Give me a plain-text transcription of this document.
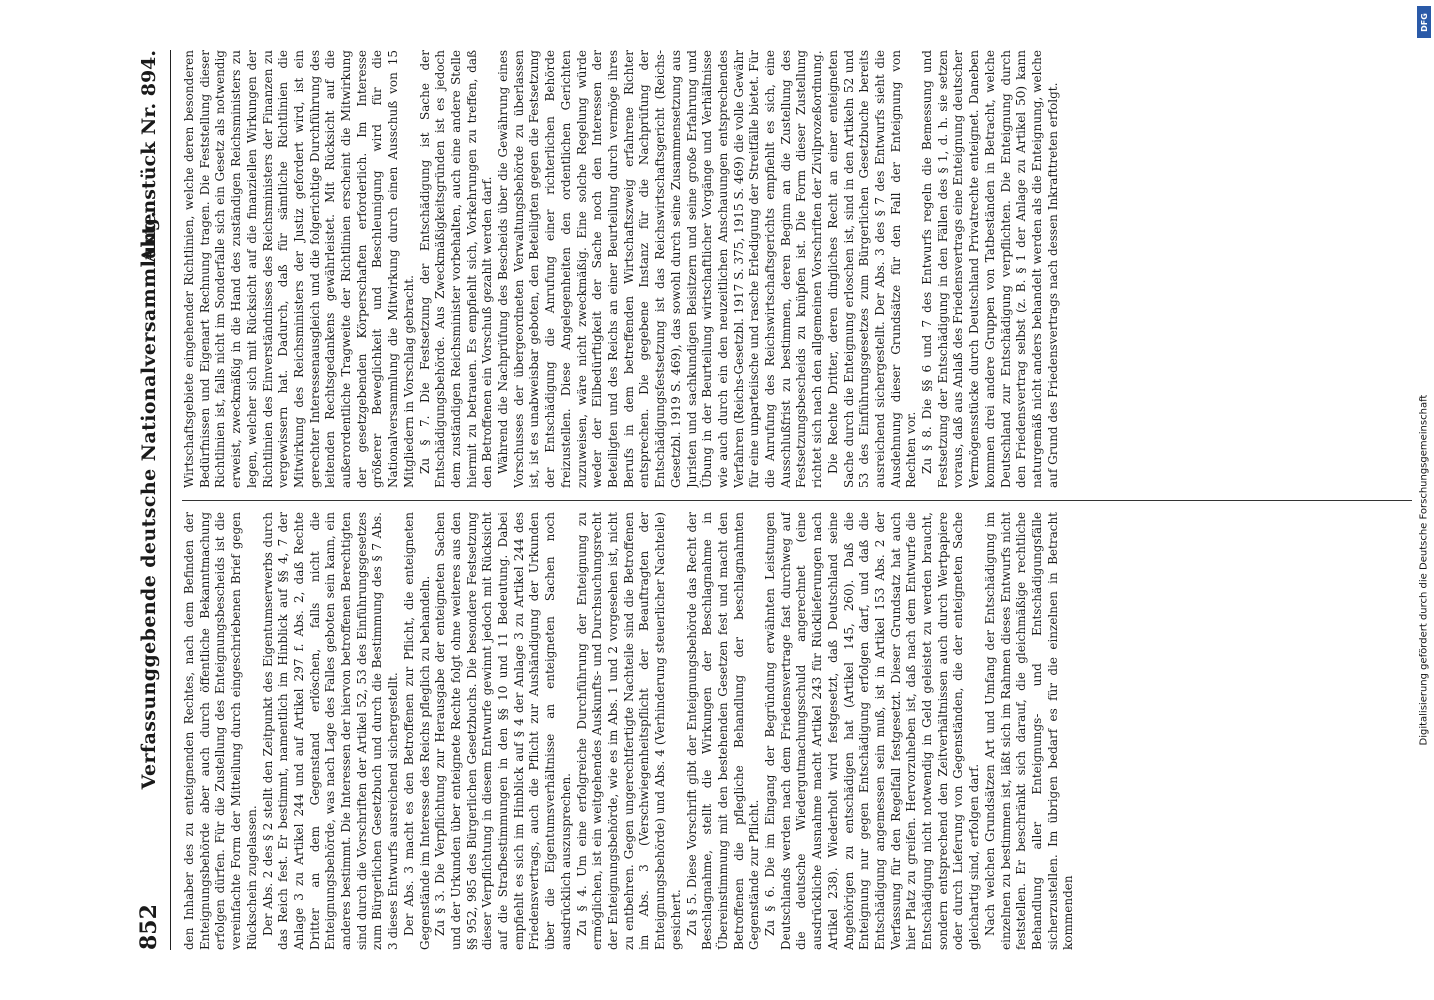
852
Verfassunggebende deutsche Nationalversammlung.
Aktenstück Nr. 894.

den Inhaber des zu enteignenden Rechtes, nach dem Befinden der Enteignungsbehörde aber auch durch öffentliche Bekanntmachung erfolgen dürfen. Für die Zustellung des Enteignungsbescheids ist die vereinfachte Form der Mitteilung durch eingeschriebenen Brief gegen Rückschein zugelassen. Der Abs. 2 des § 2 stellt den Zeitpunkt des Eigentumserwerbs durch das Reich fest. Er bestimmt, namentlich im Hinblick auf §§ 4, 7 der Anlage 3 zu Artikel 244 und auf Artikel 297 f. Abs. 2, daß Rechte Dritter an dem Gegenstand erlöschen, falls nicht die Enteignungsbehörde, was nach Lage des Falles geboten sein kann, ein anderes bestimmt. Die Interessen der hiervon betroffenen Berechtigten sind durch die Vorschriften der Artikel 52, 53 des Einführungsgesetzes zum Bürgerlichen Gesetzbuch und durch die Bestimmung des § 7 Abs. 3 dieses Entwurfs ausreichend sichergestellt. Der Abs. 3 macht es den Betroffenen zur Pflicht, die enteigneten Gegenstände im Interesse des Reichs pfleglich zu behandeln. Zu § 3. Die Verpflichtung zur Herausgabe der enteigneten Sachen und der Urkunden über enteignete Rechte folgt ohne weiteres aus den §§ 952, 985 des Bürgerlichen Gesetzbuchs. Die besondere Festsetzung dieser Verpflichtung in diesem Entwurfe gewinnt jedoch mit Rücksicht auf die Strafbestimmungen in den §§ 10 und 11 Bedeutung. Dabei empfiehlt es sich im Hinblick auf § 4 der Anlage 3 zu Artikel 244 des Friedensvertrags, auch die Pflicht zur Aushändigung der Urkunden über die Eigentumsverhältnisse an enteigneten Sachen noch ausdrücklich auszusprechen. Zu § 4. Um eine erfolgreiche Durchführung der Enteignung zu ermöglichen, ist ein weitgehendes Auskunfts- und Durchsuchungsrecht der Enteignungsbehörde, wie es im Abs. 1 und 2 vorgesehen ist, nicht zu entbehren. Gegen ungerechtfertigte Nachteile sind die Betroffenen im Abs. 3 (Verschwiegenheitspflicht der Beauftragten der Enteignungsbehörde) und Abs. 4 (Verhinderung steuerlicher Nachteile) gesichert. Zu § 5. Diese Vorschrift gibt der Enteignungsbehörde das Recht der Beschlagnahme, stellt die Wirkungen der Beschlagnahme in Übereinstimmung mit den bestehenden Gesetzen fest und macht den Betroffenen die pflegliche Behandlung der beschlagnahmten Gegenstände zur Pflicht. Zu § 6. Die im Eingang der Begründung erwähnten Leistungen Deutschlands werden nach dem Friedensvertrage fast durchweg auf die deutsche Wiedergutmachungsschuld angerechnet (eine ausdrückliche Ausnahme macht Artikel 243 für Rücklieferungen nach Artikel 238). Wiederholt wird festgesetzt, daß Deutschland seine Angehörigen zu entschädigen hat (Artikel 145, 260). Daß die Enteignung nur gegen Entschädigung erfolgen darf, und daß die Entschädigung angemessen sein muß, ist in Artikel 153 Abs. 2 der Verfassung für den Regelfall festgesetzt. Dieser Grundsatz hat auch hier Platz zu greifen. Hervorzuheben ist, daß nach dem Entwurfe die Entschädigung nicht notwendig in Geld geleistet zu werden braucht, sondern entsprechend den Zeitverhältnissen auch durch Wertpapiere oder durch Lieferung von Gegenständen, die der enteigneten Sache gleichartig sind, erfolgen darf. Nach welchen Grundsätzen Art und Umfang der Entschädigung im einzelnen zu bestimmen ist, läßt sich im Rahmen dieses Entwurfs nicht feststellen. Er beschränkt sich darauf, die gleichmäßige rechtliche Behandlung aller Enteignungs- und Entschädigungsfälle sicherzustellen. Im übrigen bedarf es für die einzelnen in Betracht kommenden

Wirtschaftsgebiete eingehender Richtlinien, welche deren besonderen Bedürfnissen und Eigenart Rechnung tragen. Die Feststellung dieser Richtlinien ist, falls nicht im Sonderfalle sich ein Gesetz als notwendig erweist, zweckmäßig in die Hand des zuständigen Reichsministers zu legen, welcher sich mit Rücksicht auf die finanziellen Wirkungen der Richtlinien des Einverständnisses des Reichsministers der Finanzen zu vergewissern hat. Dadurch, daß für sämtliche Richtlinien die Mitwirkung des Reichsministers der Justiz gefordert wird, ist ein gerechter Interessenausgleich und die folgerichtige Durchführung des leitenden Rechtsgedankens gewährleistet. Mit Rücksicht auf die außerordentliche Tragweite der Richtlinien erscheint die Mitwirkung der gesetzgebenden Körperschaften erforderlich. Im Interesse größerer Beweglichkeit und Beschleunigung wird für die Nationalversammlung die Mitwirkung durch einen Ausschuß von 15 Mitgliedern in Vorschlag gebracht. Zu § 7. Die Festsetzung der Entschädigung ist Sache der Entschädigungsbehörde. Aus Zweckmäßigkeitsgründen ist es jedoch dem zuständigen Reichsminister vorbehalten, auch eine andere Stelle hiermit zu betrauen. Es empfiehlt sich, Vorkehrungen zu treffen, daß den Betroffenen ein Vorschuß gezahlt werden darf. Während die Nachprüfung des Bescheids über die Gewährung eines Vorschusses der übergeordneten Verwaltungsbehörde zu überlassen ist, ist es unabweisbar geboten, den Beteiligten gegen die Festsetzung der Entschädigung die Anrufung einer richterlichen Behörde freizustellen. Diese Angelegenheiten den ordentlichen Gerichten zuzuweisen, wäre nicht zweckmäßig. Eine solche Regelung würde weder der Eilbedürftigkeit der Sache noch den Interessen der Beteiligten und des Reichs an einer Beurteilung durch vermöge ihres Berufs in dem betreffenden Wirtschaftszweig erfahrene Richter entsprechen. Die gegebene Instanz für die Nachprüfung der Entschädigungsfestsetzung ist das Reichswirtschaftsgericht (Reichs-Gesetzbl. 1919 S. 469), das sowohl durch seine Zusammensetzung aus Juristen und sachkundigen Beisitzern und seine große Erfahrung und Übung in der Beurteilung wirtschaftlicher Vorgänge und Verhältnisse wie auch durch ein den neuzeitlichen Anschauungen entsprechendes Verfahren (Reichs-Gesetzbl. 1917 S. 375, 1915 S. 469) die volle Gewähr für eine unparteiische und rasche Erledigung der Streitfälle bietet. Für die Anrufung des Reichswirtschaftsgerichts empfiehlt es sich, eine Ausschlußfrist zu bestimmen, deren Beginn an die Zustellung des Festsetzungsbescheids zu knüpfen ist. Die Form dieser Zustellung richtet sich nach den allgemeinen Vorschriften der Zivilprozeßordnung. Die Rechte Dritter, deren dingliches Recht an einer enteigneten Sache durch die Enteignung erloschen ist, sind in den Artikeln 52 und 53 des Einführungsgesetzes zum Bürgerlichen Gesetzbuche bereits ausreichend sichergestellt. Der Abs. 3 des § 7 des Entwurfs sieht die Ausdehnung dieser Grundsätze für den Fall der Enteignung von Rechten vor. Zu § 8. Die §§ 6 und 7 des Entwurfs regeln die Bemessung und Festsetzung der Entschädigung in den Fällen des § 1, d. h. sie setzen voraus, daß aus Anlaß des Friedensvertrags eine Enteignung deutscher Vermögensstücke durch Deutschland Privatrechte enteignet. Daneben kommen drei andere Gruppen von Tatbeständen in Betracht, welche Deutschland zur Entschädigung verpflichten. Die Enteignung durch den Friedensvertrag selbst (z. B. § 1 der Anlage zu Artikel 50) kann naturgemäß nicht anders behandelt werden als die Enteignung, welche auf Grund des Friedensvertrags nach dessen Inkrafttreten erfolgt.

DFG
Digitalisierung gefördert durch die Deutsche Forschungsgemeinschaft
